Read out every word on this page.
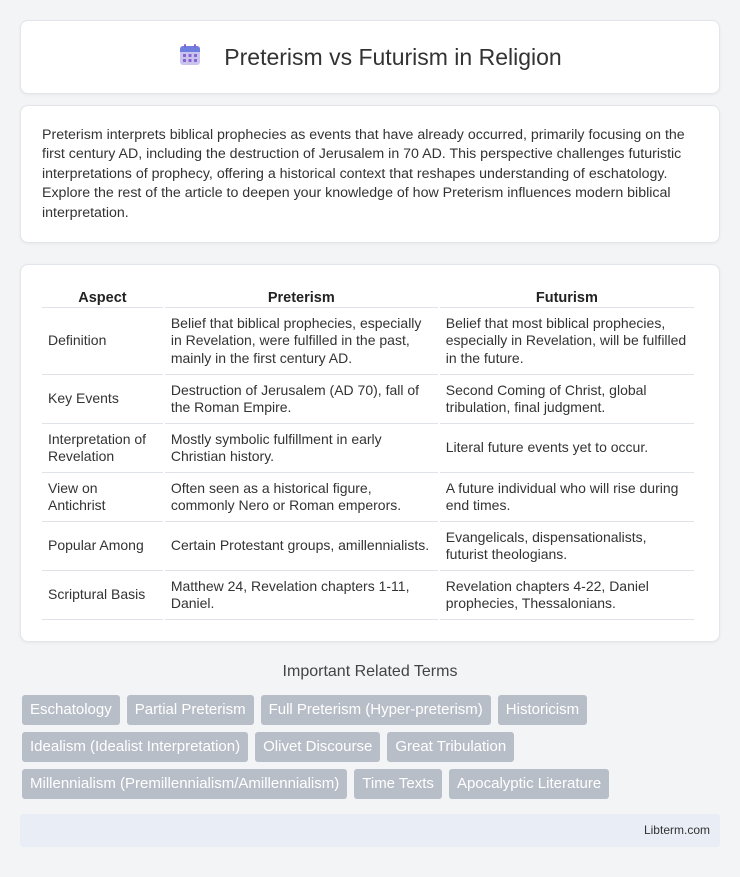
Preterism vs Futurism in Religion

Preterism interprets biblical prophecies as events that have already occurred, primarily focusing on the first century AD, including the destruction of Jerusalem in 70 AD. This perspective challenges futuristic interpretations of prophecy, offering a historical context that reshapes understanding of eschatology. Explore the rest of the article to deepen your knowledge of how Preterism influences modern biblical interpretation.

Aspect	Preterism	Futurism
Definition	Belief that biblical prophecies, especially in Revelation, were fulfilled in the past, mainly in the first century AD.	Belief that most biblical prophecies, especially in Revelation, will be fulfilled in the future.
Key Events	Destruction of Jerusalem (AD 70), fall of the Roman Empire.	Second Coming of Christ, global tribulation, final judgment.
Interpretation of Revelation	Mostly symbolic fulfillment in early Christian history.	Literal future events yet to occur.
View on Antichrist	Often seen as a historical figure, commonly Nero or Roman emperors.	A future individual who will rise during end times.
Popular Among	Certain Protestant groups, amillennialists.	Evangelicals, dispensationalists, futurist theologians.
Scriptural Basis	Matthew 24, Revelation chapters 1-11, Daniel.	Revelation chapters 4-22, Daniel prophecies, Thessalonians.
Important Related Terms
Eschatology	Partial Preterism	Full Preterism (Hyper-preterism)	Historicism
Idealism (Idealist Interpretation)	Olivet Discourse	Great Tribulation
Millennialism (Premillennialism/Amillennialism)	Time Texts	Apocalyptic Literature
Libterm.com
